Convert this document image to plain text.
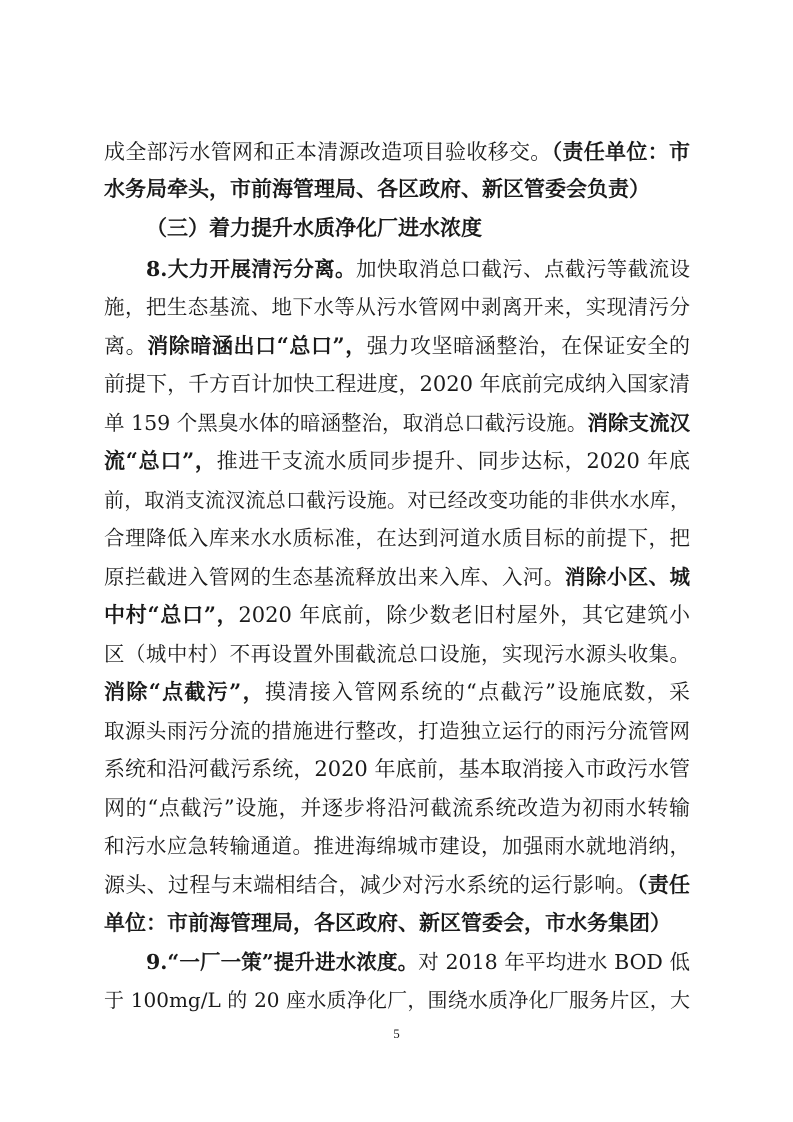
成全部污水管网和正本清源改造项目验收移交。（责任单位：市
水务局牵头，市前海管理局、各区政府、新区管委会负责）
（三）着力提升水质净化厂进水浓度
8.大力开展清污分离。加快取消总口截污、点截污等截流设
施，把生态基流、地下水等从污水管网中剥离开来，实现清污分
离。消除暗涵出口“总口”，强力攻坚暗涵整治，在保证安全的
前提下，千方百计加快工程进度，2020 年底前完成纳入国家清
单 159 个黑臭水体的暗涵整治，取消总口截污设施。消除支流汉
流“总口”，推进干支流水质同步提升、同步达标，2020 年底
前，取消支流汊流总口截污设施。对已经改变功能的非供水水库，
合理降低入库来水水质标准，在达到河道水质目标的前提下，把
原拦截进入管网的生态基流释放出来入库、入河。消除小区、城
中村“总口”，2020 年底前，除少数老旧村屋外，其它建筑小
区（城中村）不再设置外围截流总口设施，实现污水源头收集。
消除“点截污”，摸清接入管网系统的“点截污”设施底数，采
取源头雨污分流的措施进行整改，打造独立运行的雨污分流管网
系统和沿河截污系统，2020 年底前，基本取消接入市政污水管
网的“点截污”设施，并逐步将沿河截流系统改造为初雨水转输
和污水应急转输通道。推进海绵城市建设，加强雨水就地消纳，
源头、过程与末端相结合，减少对污水系统的运行影响。（责任
单位：市前海管理局，各区政府、新区管委会，市水务集团）
9.“一厂一策”提升进水浓度。对 2018 年平均进水 BOD 低
于 100mg/L 的 20 座水质净化厂，围绕水质净化厂服务片区，大
5
